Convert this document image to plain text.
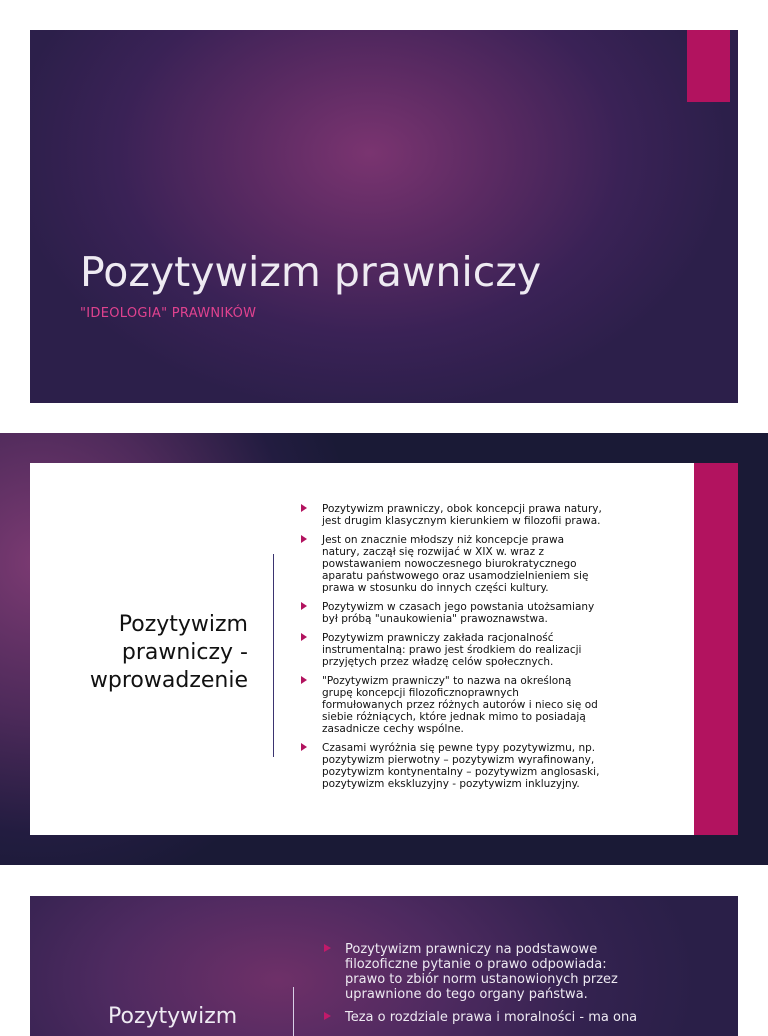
Pozytywizm prawniczy
"IDEOLOGIA" PRAWNIKÓW
Pozytywizm
prawniczy -
wprowadzenie
Pozytywizm prawniczy, obok koncepcji prawa natury,
jest drugim klasycznym kierunkiem w filozofii prawa.
Jest on znacznie młodszy niż koncepcje prawa
natury, zaczął się rozwijać w XIX w. wraz z
powstawaniem nowoczesnego biurokratycznego
aparatu państwowego oraz usamodzielnieniem się
prawa w stosunku do innych części kultury.
Pozytywizm w czasach jego powstania utożsamiany
był próbą "unaukowienia" prawoznawstwa.
Pozytywizm prawniczy zakłada racjonalność
instrumentalną: prawo jest środkiem do realizacji
przyjętych przez władzę celów społecznych.
"Pozytywizm prawniczy" to nazwa na określoną
grupę koncepcji filozoficznoprawnych
formułowanych przez różnych autorów i nieco się od
siebie różniących, które jednak mimo to posiadają
zasadnicze cechy wspólne.
Czasami wyróżnia się pewne typy pozytywizmu, np.
pozytywizm pierwotny – pozytywizm wyrafinowany,
pozytywizm kontynentalny – pozytywizm anglosaski,
pozytywizm ekskluzyjny - pozytywizm inkluzyjny.
Pozytywizm
Pozytywizm prawniczy na podstawowe
filozoficzne pytanie o prawo odpowiada:
prawo to zbiór norm ustanowionych przez
uprawnione do tego organy państwa.
Teza o rozdziale prawa i moralności - ma ona
